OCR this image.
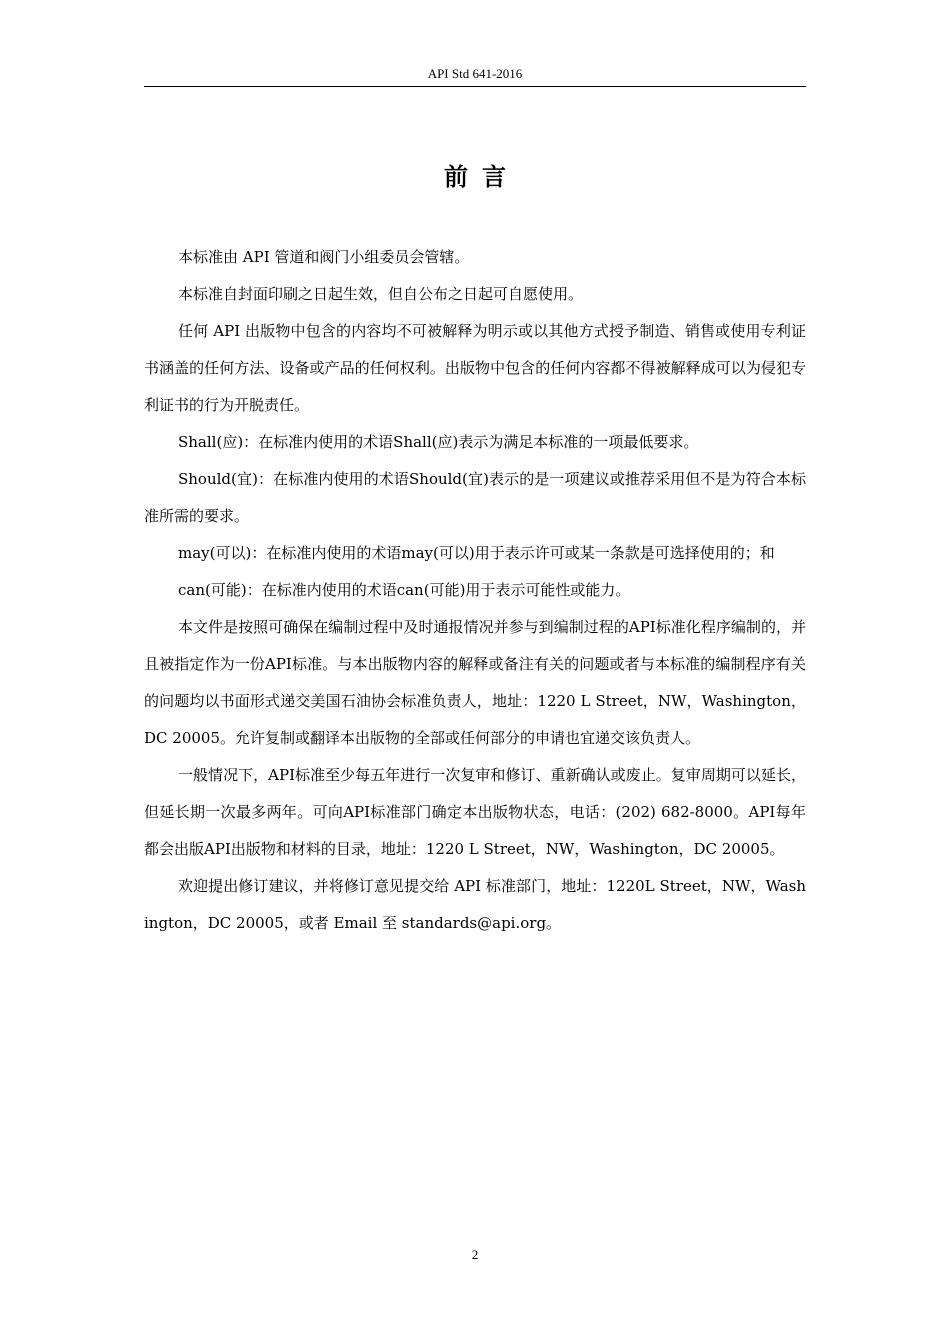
API Std 641-2016
前言

本标准由 API 管道和阀门小组委员会管辖。

本标准自封面印刷之日起生效，但自公布之日起可自愿使用。

任何 API 出版物中包含的内容均不可被解释为明示或以其他方式授予制造、销售或使用专利证书涵盖的任何方法、设备或产品的任何权利。出版物中包含的任何内容都不得被解释成可以为侵犯专利证书的行为开脱责任。

Shall(应)：在标准内使用的术语Shall(应)表示为满足本标准的一项最低要求。

Should(宜)：在标准内使用的术语Should(宜)表示的是一项建议或推荐采用但不是为符合本标准所需的要求。

may(可以)：在标准内使用的术语may(可以)用于表示许可或某一条款是可选择使用的；和

can(可能)：在标准内使用的术语can(可能)用于表示可能性或能力。

本文件是按照可确保在编制过程中及时通报情况并参与到编制过程的API标准化程序编制的，并且被指定作为一份API标准。与本出版物内容的解释或备注有关的问题或者与本标准的编制程序有关的问题均以书面形式递交美国石油协会标准负责人，地址：1220 L Street，NW，Washington，DC 20005。允许复制或翻译本出版物的全部或任何部分的申请也宜递交该负责人。

一般情况下，API标准至少每五年进行一次复审和修订、重新确认或废止。复审周期可以延长，但延长期一次最多两年。可向API标准部门确定本出版物状态，电话：(202) 682-8000。API每年都会出版API出版物和材料的目录，地址：1220 L Street，NW，Washington，DC 20005。

欢迎提出修订建议，并将修订意见提交给 API 标准部门，地址：1220L Street，NW，Washington，DC 20005，或者 Email 至 standards@api.org。

2
